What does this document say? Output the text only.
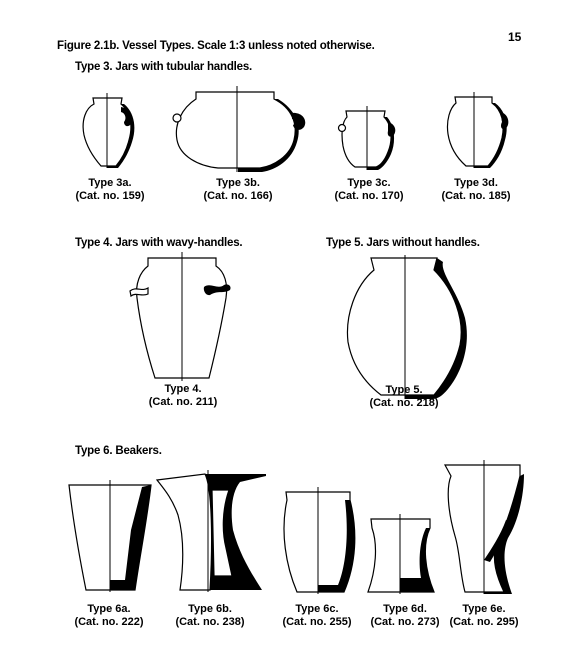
15
Figure 2.1b. Vessel Types. Scale 1:3 unless noted otherwise.
Type 3. Jars with tubular handles.
Type 4. Jars with wavy-handles.	Type 5. Jars without handles.
Type 6. Beakers.
Type 3a.
(Cat. no. 159)
Type 3b.
(Cat. no. 166)
Type 3c.
(Cat. no. 170)
Type 3d.
(Cat. no. 185)
Type 4.
(Cat. no. 211)
Type 5.
(Cat. no. 218)
Type 6a.
(Cat. no. 222)
Type 6b.
(Cat. no. 238)
Type 6c.
(Cat. no. 255)
Type 6d.
(Cat. no. 273)
Type 6e.
(Cat. no. 295)
